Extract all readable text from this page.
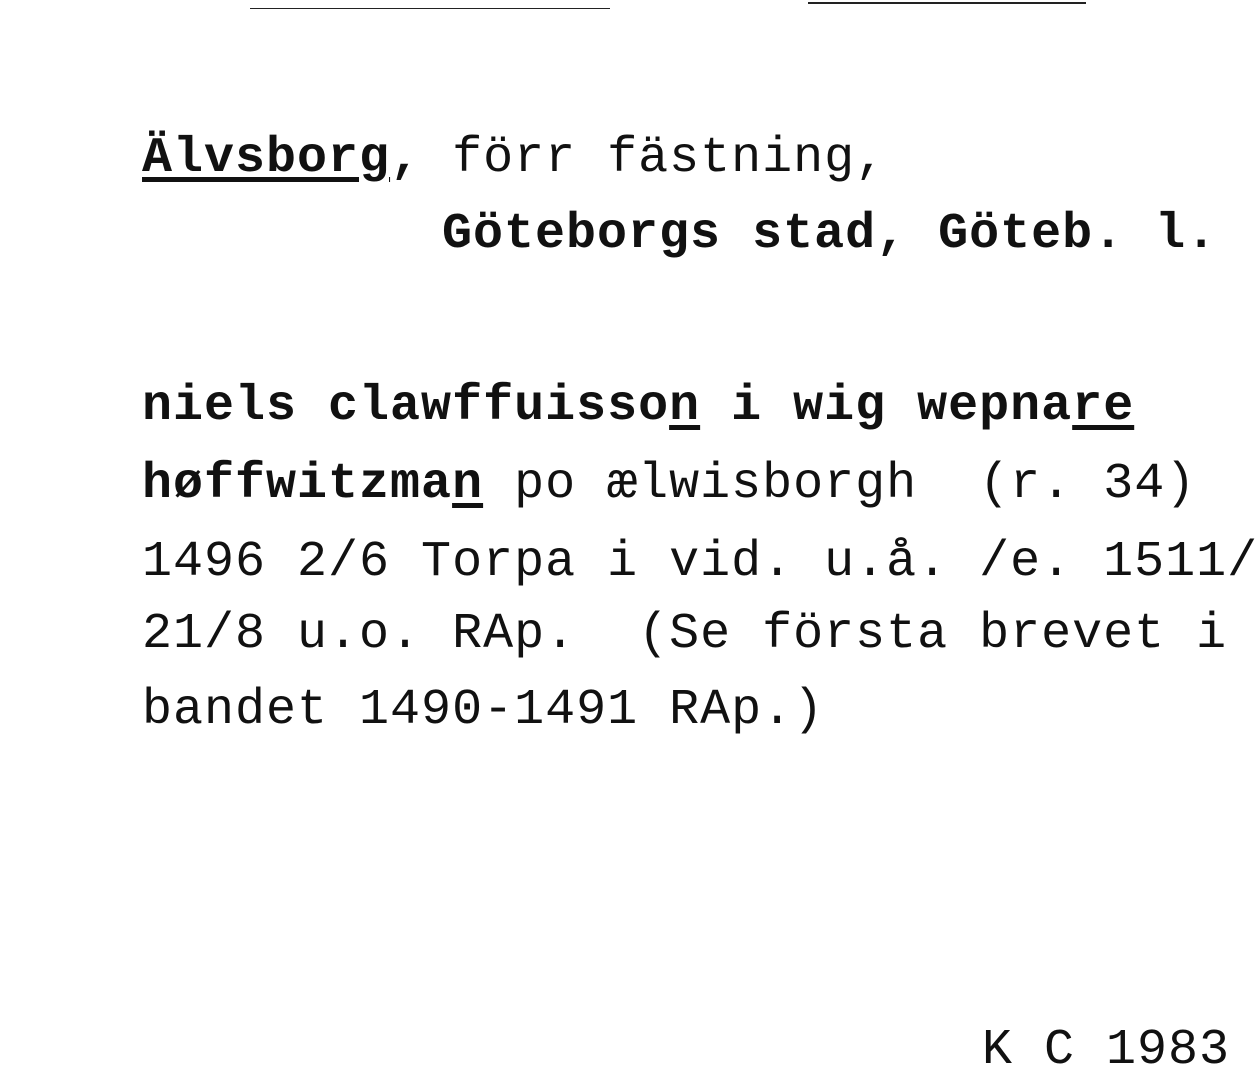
Älvsborg, förr fästning,

Göteborgs stad, Göteb. l.

niels clawffuisson i wig wepnare

høffwitzman po ælwisborgh  (r. 34)

1496 2/6 Torpa i vid. u.å. /e. 1511/

21/8 u.o. RAp.  (Se första brevet i

bandet 1490-1491 RAp.)

K C 1983
